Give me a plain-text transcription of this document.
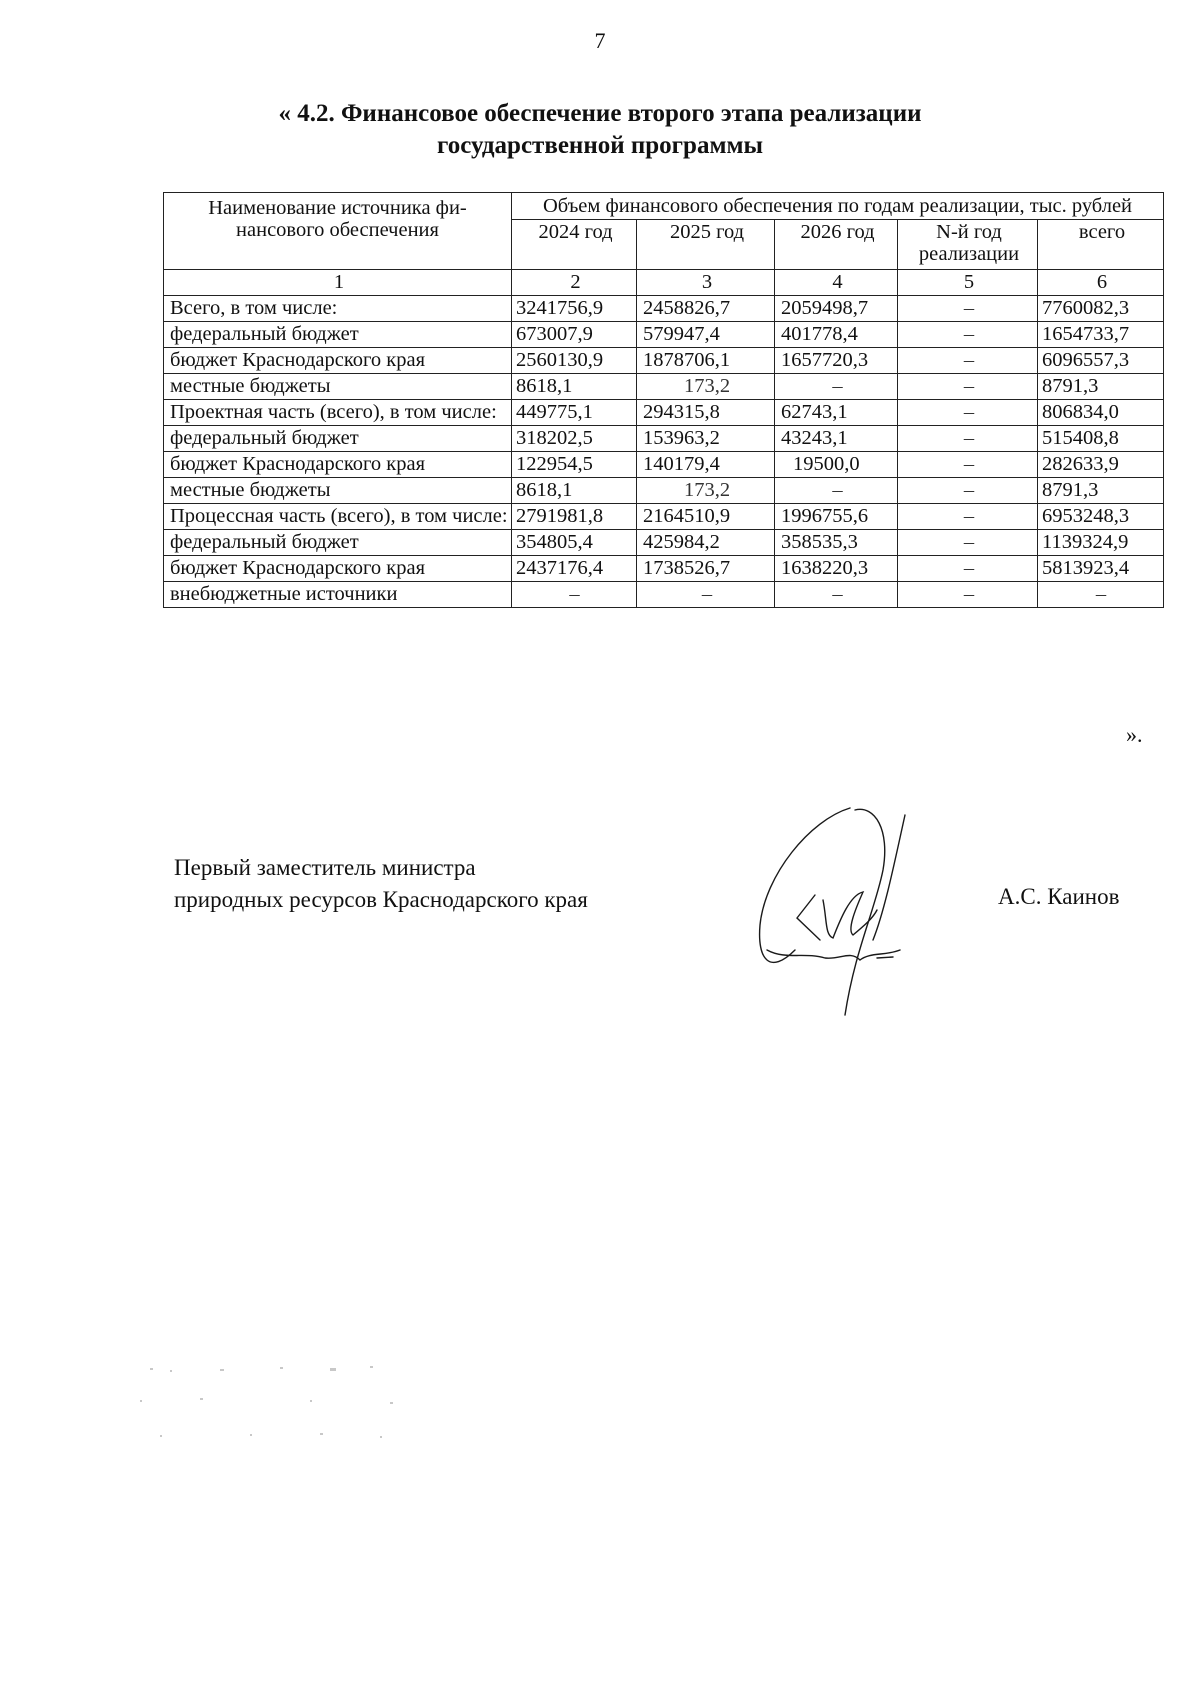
7
« 4.2. Финансовое обеспечение второго этапа реализации
государственной программы
Наименование источника фи-нансового обеспечения	Объем финансового обеспечения по годам реализации, тыс. рублей				
	2024 год	2025 год	2026 год	N-й год реализации	всего
1	2	3	4	5	6
Всего, в том числе:	3241756,9	2458826,7	2059498,7	–	7760082,3
федеральный бюджет	673007,9	579947,4	401778,4	–	1654733,7
бюджет Краснодарского края	2560130,9	1878706,1	1657720,3	–	6096557,3
местные бюджеты	8618,1	173,2	–	–	8791,3
Проектная часть (всего), в том числе:	449775,1	294315,8	62743,1	–	806834,0
федеральный бюджет	318202,5	153963,2	43243,1	–	515408,8
бюджет Краснодарского края	122954,5	140179,4	19500,0	–	282633,9
местные бюджеты	8618,1	173,2	–	–	8791,3
Процессная часть (всего), в том числе:	2791981,8	2164510,9	1996755,6	–	6953248,3
федеральный бюджет	354805,4	425984,2	358535,3	–	1139324,9
бюджет Краснодарского края	2437176,4	1738526,7	1638220,3	–	5813923,4
внебюджетные источники	–	–	–	–	–
».
Первый заместитель министра
природных ресурсов Краснодарского края	А.С. Каинов
